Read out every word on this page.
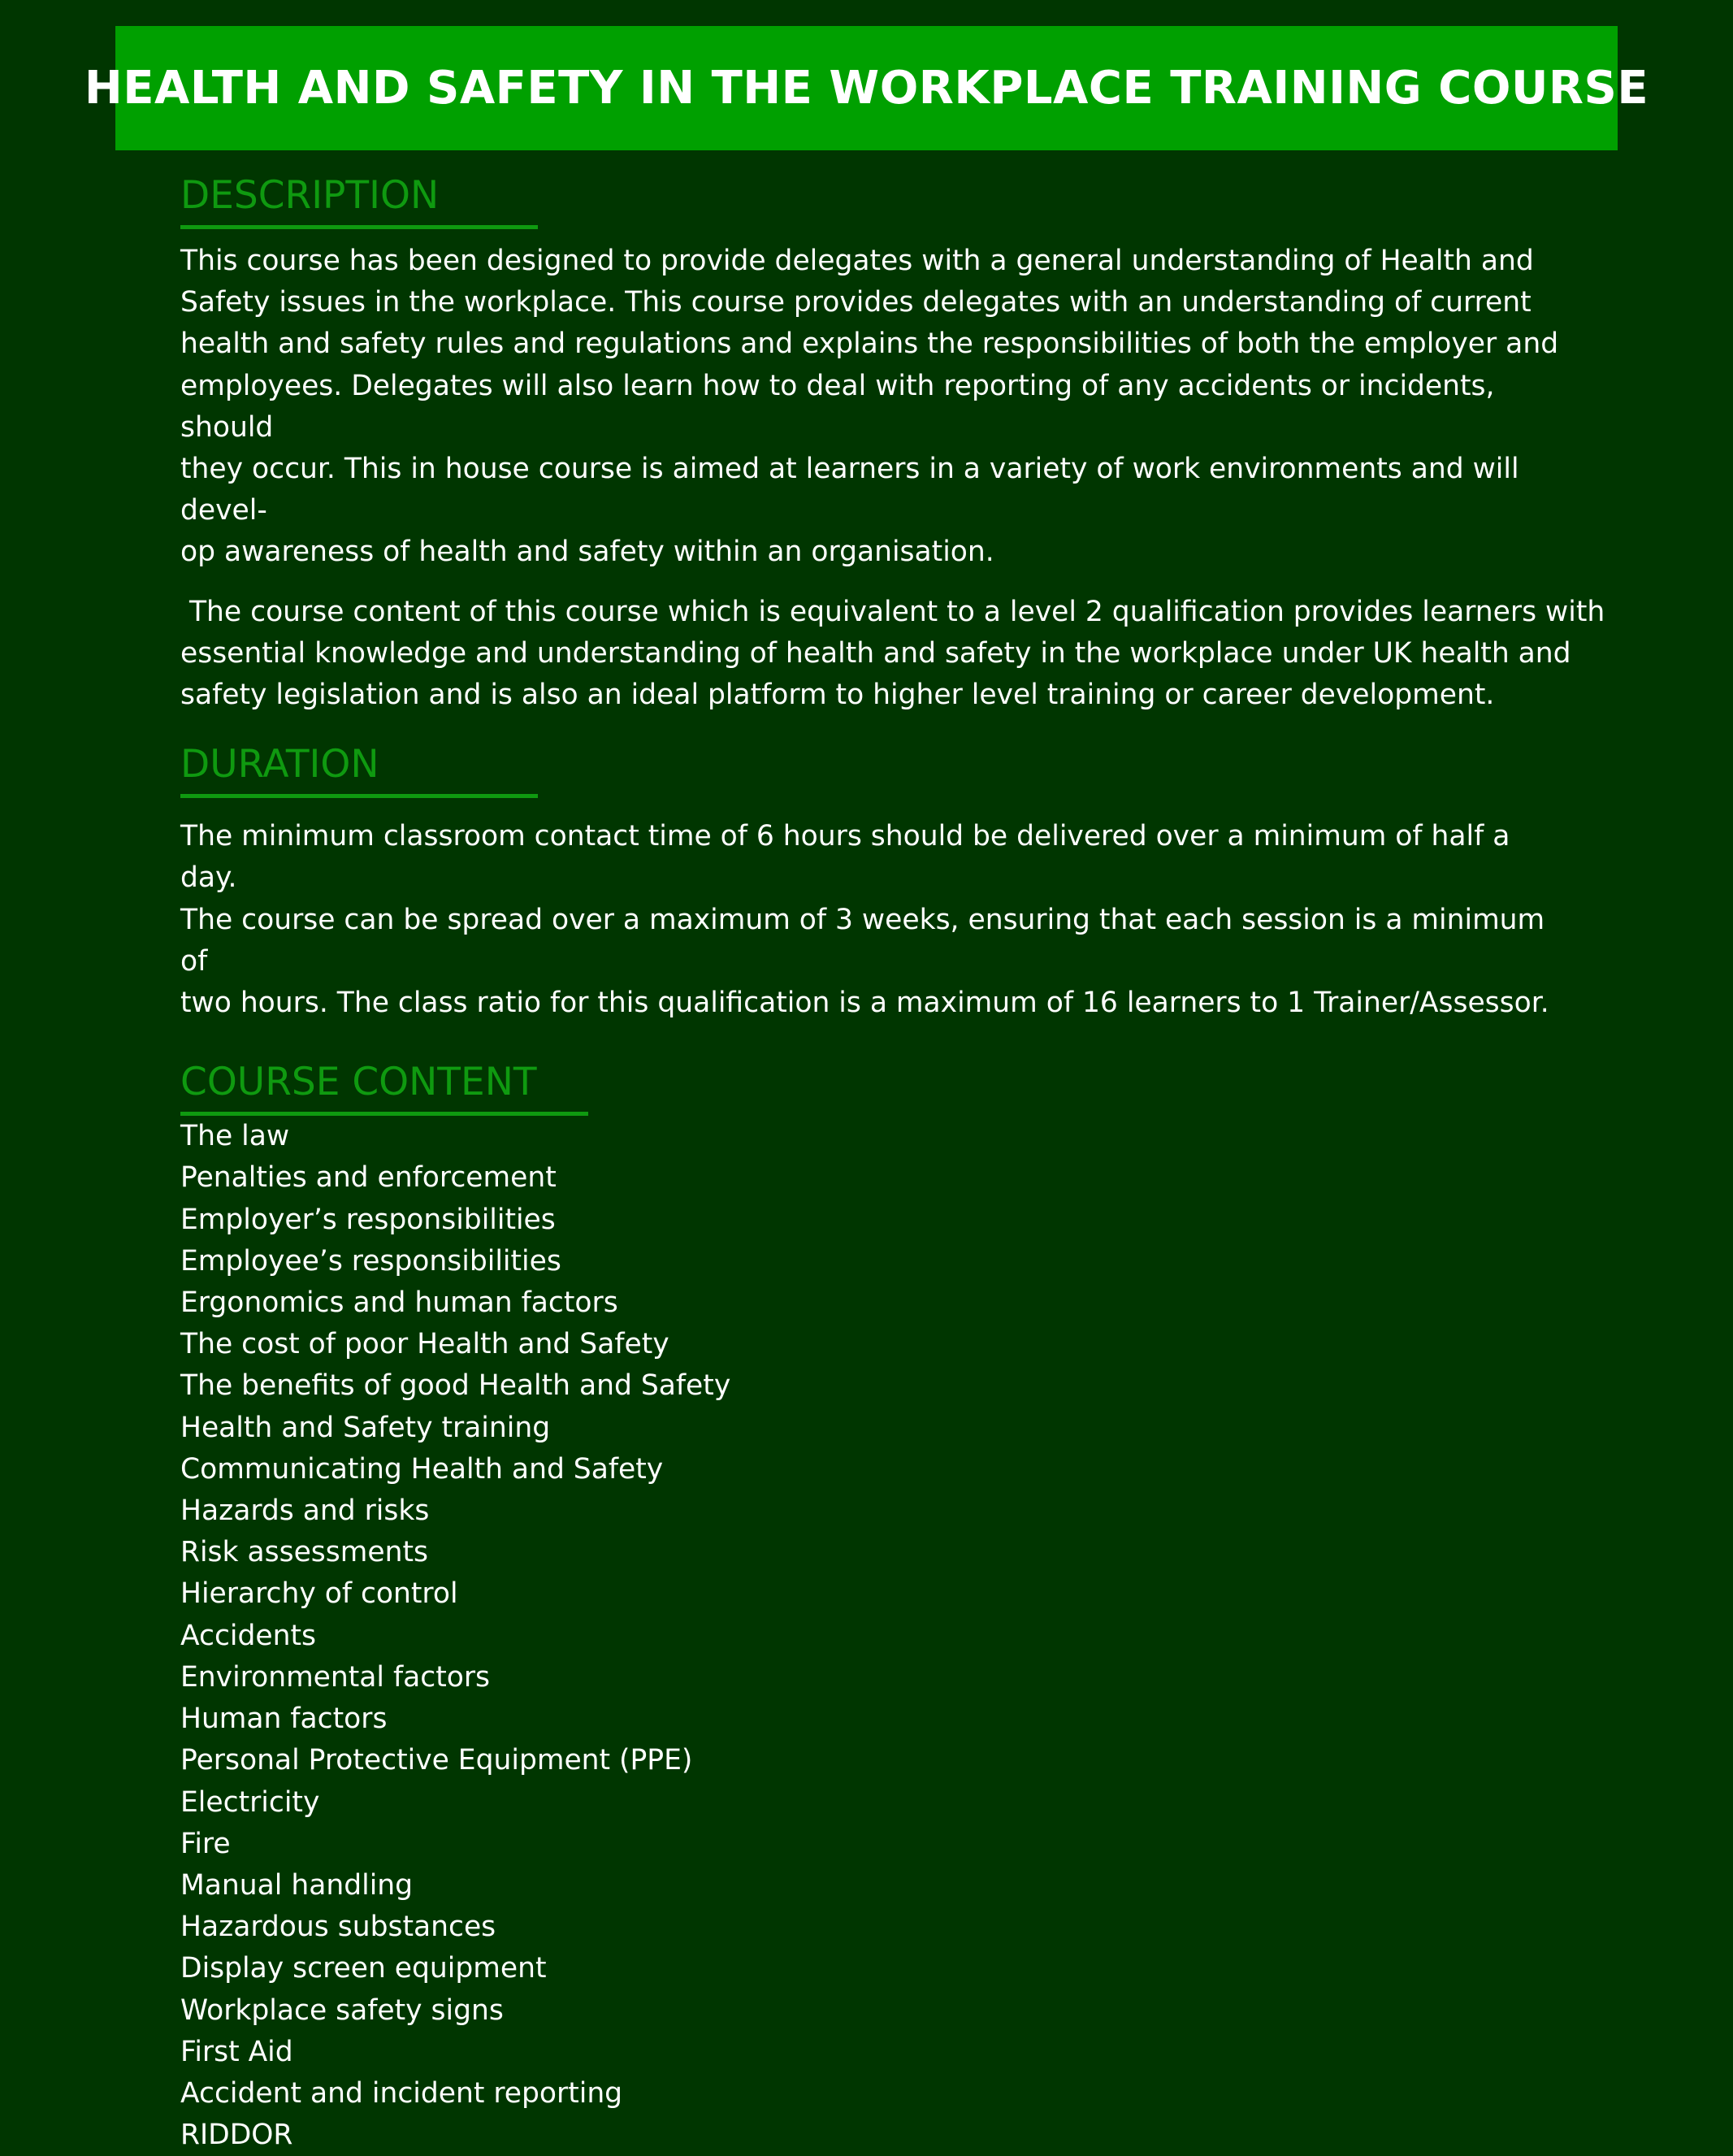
HEALTH AND SAFETY IN THE WORKPLACE TRAINING COURSE
DESCRIPTION

This course has been designed to provide delegates with a general understanding of Health and
Safety issues in the workplace. This course provides delegates with an understanding of current
health and safety rules and regulations and explains the responsibilities of both the employer and
employees. Delegates will also learn how to deal with reporting of any accidents or incidents, should
they occur. This in house course is aimed at learners in a variety of work environments and will devel-
op awareness of health and safety within an organisation.

The course content of this course which is equivalent to a level 2 qualification provides learners with
essential knowledge and understanding of health and safety in the workplace under UK health and
safety legislation and is also an ideal platform to higher level training or career development.

DURATION

The minimum classroom contact time of 6 hours should be delivered over a minimum of half a day.
The course can be spread over a maximum of 3 weeks, ensuring that each session is a minimum of
two hours. The class ratio for this qualification is a maximum of 16 learners to 1 Trainer/Assessor.

COURSE CONTENT
The law
Penalties and enforcement
Employer’s responsibilities
Employee’s responsibilities
Ergonomics and human factors
The cost of poor Health and Safety
The benefits of good Health and Safety
Health and Safety training
Communicating Health and Safety
Hazards and risks
Risk assessments
Hierarchy of control
Accidents
Environmental factors
Human factors
Personal Protective Equipment (PPE)
Electricity
Fire
Manual handling
Hazardous substances
Display screen equipment
Workplace safety signs
First Aid
Accident and incident reporting
RIDDOR
